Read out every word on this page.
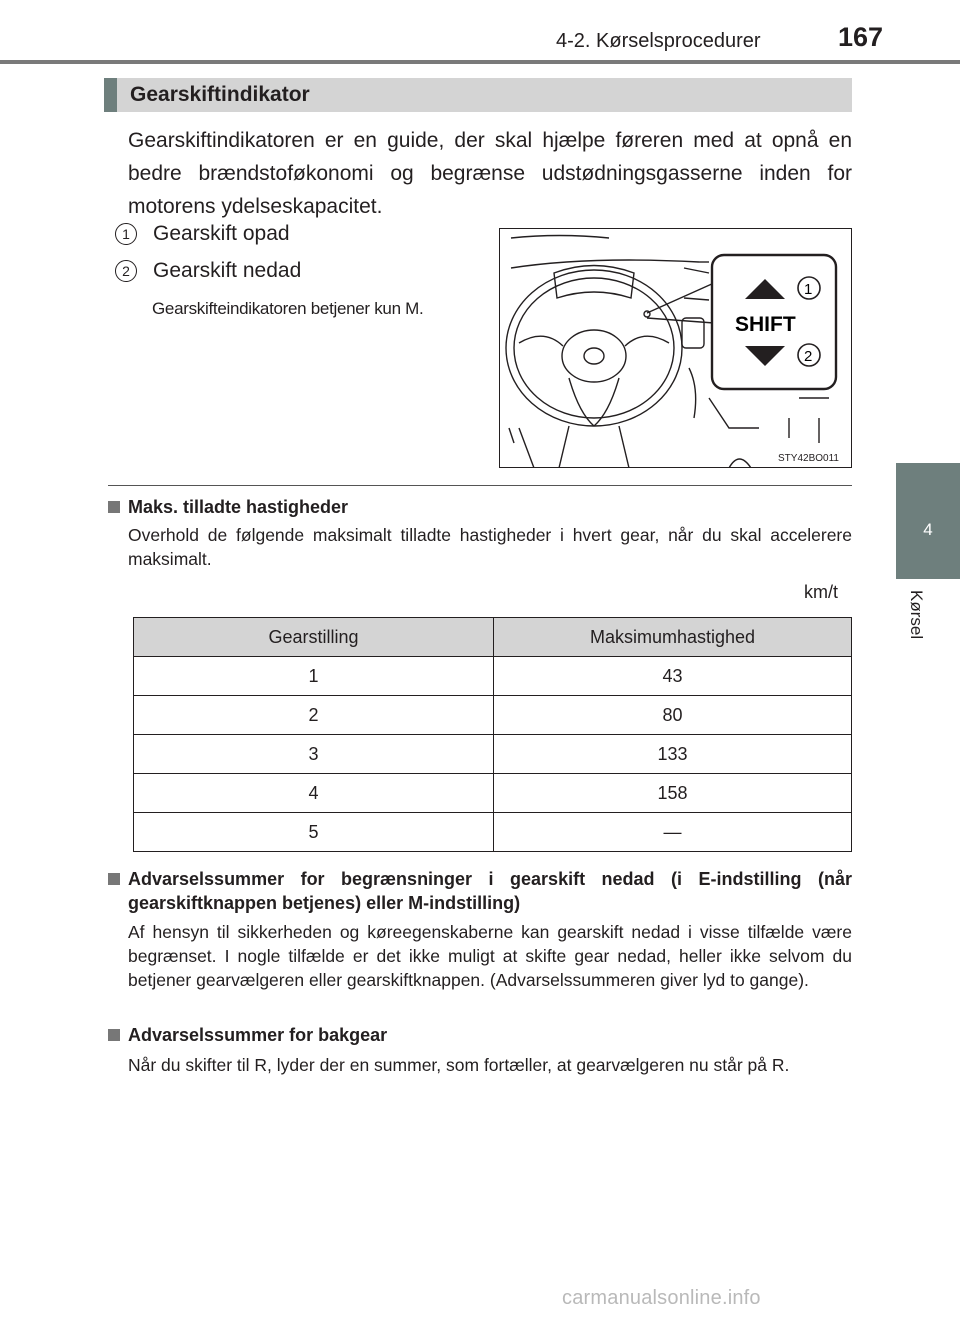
4-2. Kørselsprocedurer	167
4
Kørsel
Gearskiftindikator
Gearskiftindikatoren er en guide, der skal hjælpe føreren med at opnå en bedre brændstoføkonomi og begrænse udstødningsgasserne inden for motorens ydelseskapacitet.
1	Gearskift opad
2	Gearskift nedad
Gearskifteindikatoren betjener kun M.
SHIFT
1
2
STY42BO011
Maks. tilladte hastigheder
Overhold de følgende maksimalt tilladte hastigheder i hvert gear, når du skal accelerere maksimalt.
km/t
Gearstilling	Maksimumhastighed
1	43
2	80
3	133
4	158
5	—
Advarselssummer for begrænsninger i gearskift nedad (i E-indstilling (når gearskiftknappen betjenes) eller M-indstilling)
Af hensyn til sikkerheden og køreegenskaberne kan gearskift nedad i visse tilfælde være begrænset. I nogle tilfælde er det ikke muligt at skifte gear nedad, heller ikke selvom du betjener gearvælgeren eller gearskiftknappen. (Advarselssummeren giver lyd to gange).
Advarselssummer for bakgear
Når du skifter til R, lyder der en summer, som fortæller, at gearvælgeren nu står på R.
carmanualsonline.info
